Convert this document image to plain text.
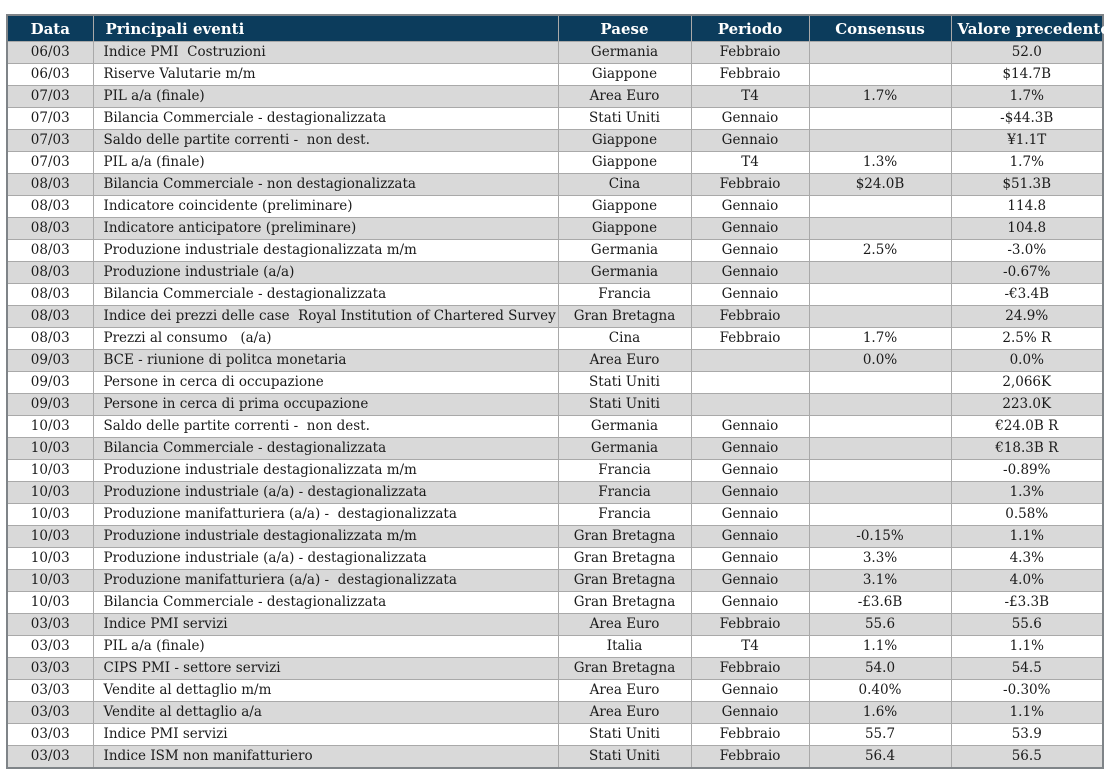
Data	Principali eventi	Paese	Periodo	Consensus	Valore precedente
06/03	Indice PMI  Costruzioni	Germania	Febbraio		52.0
06/03	Riserve Valutarie m/m	Giappone	Febbraio		$14.7B
07/03	PIL a/a (finale)	Area Euro	T4	1.7%	1.7%
07/03	Bilancia Commerciale - destagionalizzata	Stati Uniti	Gennaio		-$44.3B
07/03	Saldo delle partite correnti -  non dest.	Giappone	Gennaio		¥1.1T
07/03	PIL a/a (finale)	Giappone	T4	1.3%	1.7%
08/03	Bilancia Commerciale - non destagionalizzata	Cina	Febbraio	$24.0B	$51.3B
08/03	Indicatore coincidente (preliminare)	Giappone	Gennaio		114.8
08/03	Indicatore anticipatore (preliminare)	Giappone	Gennaio		104.8
08/03	Produzione industriale destagionalizzata m/m	Germania	Gennaio	2.5%	-3.0%
08/03	Produzione industriale (a/a)	Germania	Gennaio		-0.67%
08/03	Bilancia Commerciale - destagionalizzata	Francia	Gennaio		-€3.4B
08/03	Indice dei prezzi delle case  Royal Institution of Chartered Survey	Gran Bretagna	Febbraio		24.9%
08/03	Prezzi al consumo   (a/a)	Cina	Febbraio	1.7%	2.5% R
09/03	BCE - riunione di politca monetaria	Area Euro		0.0%	0.0%
09/03	Persone in cerca di occupazione	Stati Uniti			2,066K
09/03	Persone in cerca di prima occupazione	Stati Uniti			223.0K
10/03	Saldo delle partite correnti -  non dest.	Germania	Gennaio		€24.0B R
10/03	Bilancia Commerciale - destagionalizzata	Germania	Gennaio		€18.3B R
10/03	Produzione industriale destagionalizzata m/m	Francia	Gennaio		-0.89%
10/03	Produzione industriale (a/a) - destagionalizzata	Francia	Gennaio		1.3%
10/03	Produzione manifatturiera (a/a) -  destagionalizzata	Francia	Gennaio		0.58%
10/03	Produzione industriale destagionalizzata m/m	Gran Bretagna	Gennaio	-0.15%	1.1%
10/03	Produzione industriale (a/a) - destagionalizzata	Gran Bretagna	Gennaio	3.3%	4.3%
10/03	Produzione manifatturiera (a/a) -  destagionalizzata	Gran Bretagna	Gennaio	3.1%	4.0%
10/03	Bilancia Commerciale - destagionalizzata	Gran Bretagna	Gennaio	-£3.6B	-£3.3B
03/03	Indice PMI servizi	Area Euro	Febbraio	55.6	55.6
03/03	PIL a/a (finale)	Italia	T4	1.1%	1.1%
03/03	CIPS PMI - settore servizi	Gran Bretagna	Febbraio	54.0	54.5
03/03	Vendite al dettaglio m/m	Area Euro	Gennaio	0.40%	-0.30%
03/03	Vendite al dettaglio a/a	Area Euro	Gennaio	1.6%	1.1%
03/03	Indice PMI servizi	Stati Uniti	Febbraio	55.7	53.9
03/03	Indice ISM non manifatturiero	Stati Uniti	Febbraio	56.4	56.5
